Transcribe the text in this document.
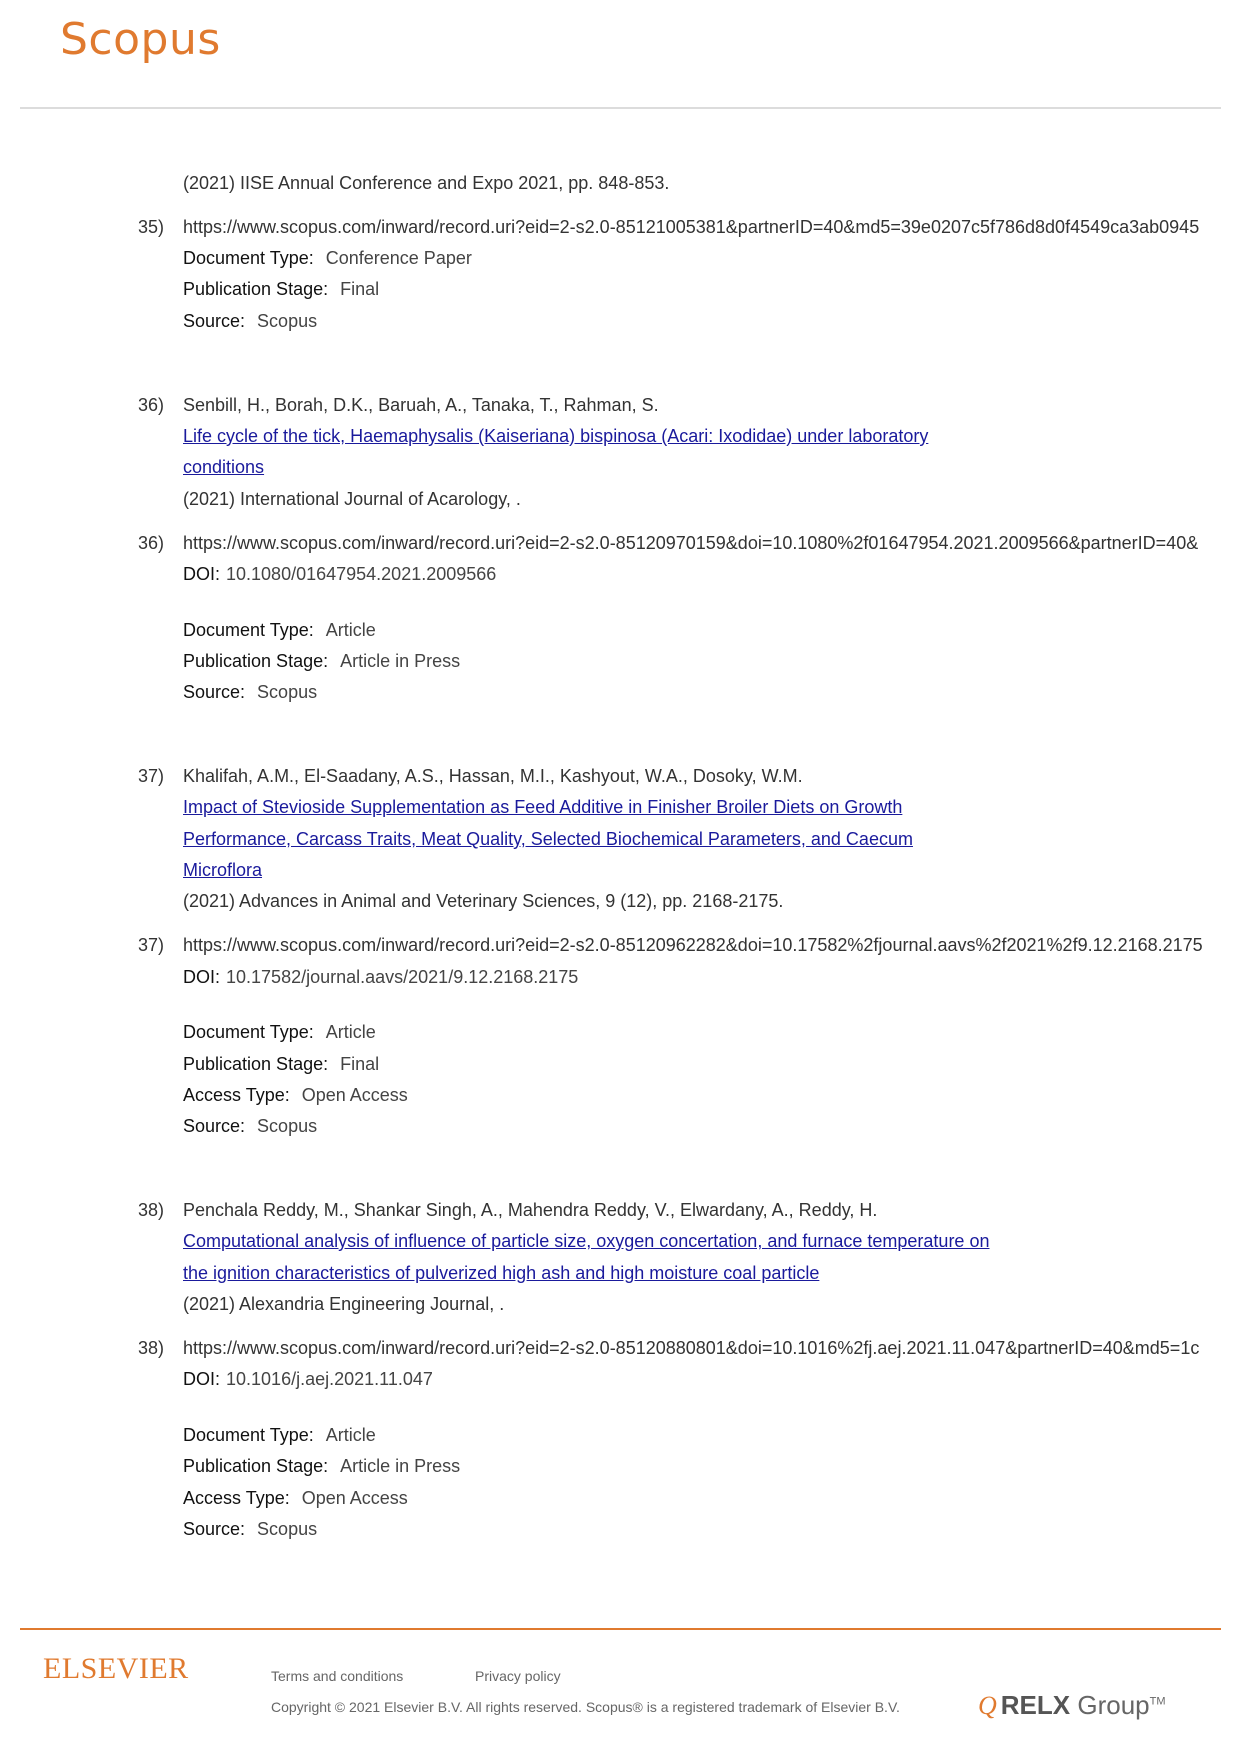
Scopus
(2021) IISE Annual Conference and Expo 2021, pp. 848-853.
35) https://www.scopus.com/inward/record.uri?eid=2-s2.0-85121005381&partnerID=40&md5=39e0207c5f786d8d0f4549ca3ab0945
Document Type: Conference Paper
Publication Stage: Final
Source: Scopus
36) Senbill, H., Borah, D.K., Baruah, A., Tanaka, T., Rahman, S.
Life cycle of the tick, Haemaphysalis (Kaiseriana) bispinosa (Acari: Ixodidae) under laboratory
conditions
(2021) International Journal of Acarology, .
36) https://www.scopus.com/inward/record.uri?eid=2-s2.0-85120970159&doi=10.1080%2f01647954.2021.2009566&partnerID=40&
DOI: 10.1080/01647954.2021.2009566
Document Type: Article
Publication Stage: Article in Press
Source: Scopus
37) Khalifah, A.M., El-Saadany, A.S., Hassan, M.I., Kashyout, W.A., Dosoky, W.M.
Impact of Stevioside Supplementation as Feed Additive in Finisher Broiler Diets on Growth
Performance, Carcass Traits, Meat Quality, Selected Biochemical Parameters, and Caecum
Microflora
(2021) Advances in Animal and Veterinary Sciences, 9 (12), pp. 2168-2175.
37) https://www.scopus.com/inward/record.uri?eid=2-s2.0-85120962282&doi=10.17582%2fjournal.aavs%2f2021%2f9.12.2168.2175
DOI: 10.17582/journal.aavs/2021/9.12.2168.2175
Document Type: Article
Publication Stage: Final
Access Type: Open Access
Source: Scopus
38) Penchala Reddy, M., Shankar Singh, A., Mahendra Reddy, V., Elwardany, A., Reddy, H.
Computational analysis of influence of particle size, oxygen concertation, and furnace temperature on
the ignition characteristics of pulverized high ash and high moisture coal particle
(2021) Alexandria Engineering Journal, .
38) https://www.scopus.com/inward/record.uri?eid=2-s2.0-85120880801&doi=10.1016%2fj.aej.2021.11.047&partnerID=40&md5=1c
DOI: 10.1016/j.aej.2021.11.047
Document Type: Article
Publication Stage: Article in Press
Access Type: Open Access
Source: Scopus
ELSEVIER	Terms and conditions	Privacy policy
Copyright © 2021 Elsevier B.V. All rights reserved. Scopus® is a registered trademark of Elsevier B.V.	Q RELX Group™
